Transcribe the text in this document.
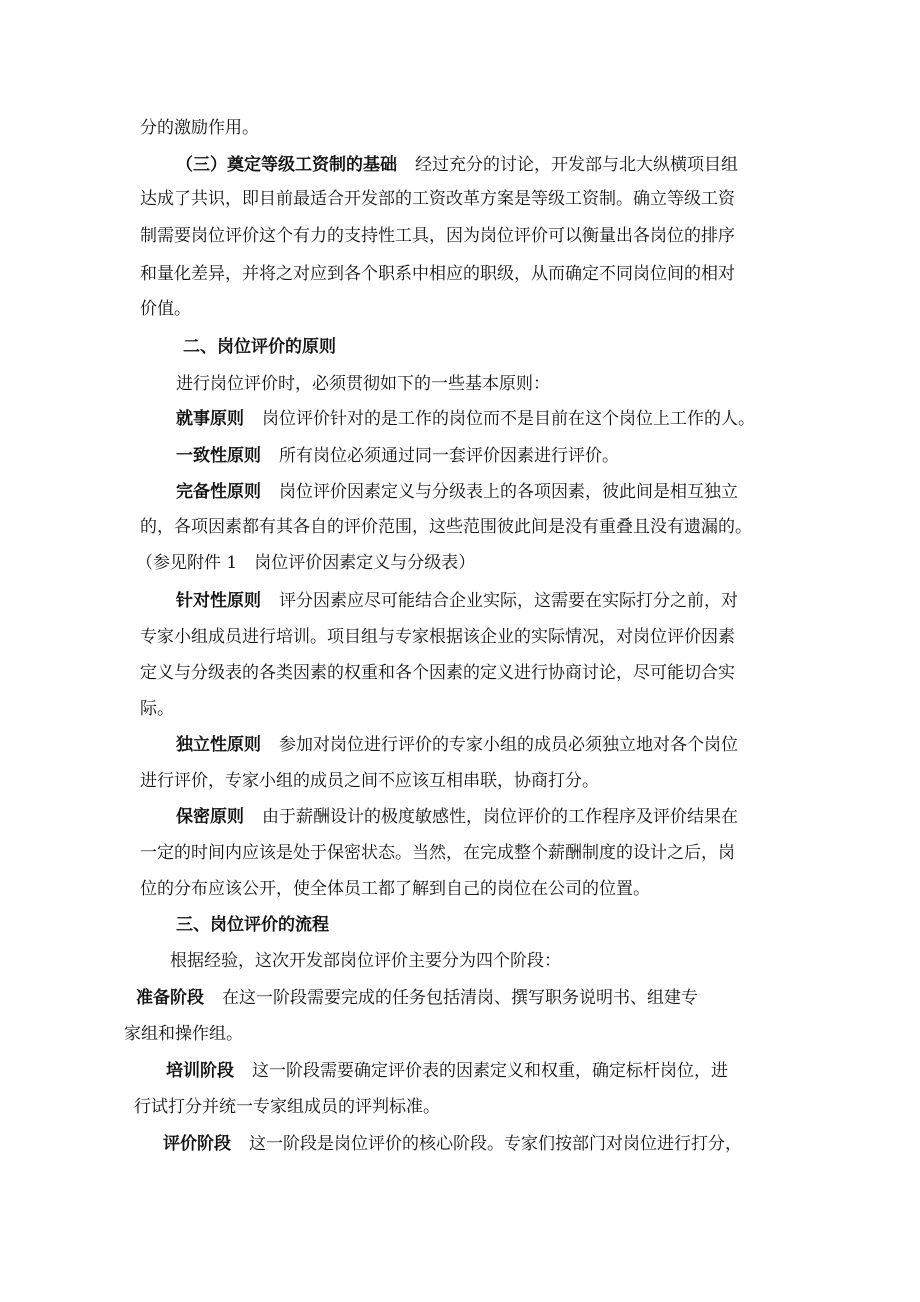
分的激励作用。
（三）奠定等级工资制的基础 经过充分的讨论，开发部与北大纵横项目组
达成了共识，即目前最适合开发部的工资改革方案是等级工资制。确立等级工资
制需要岗位评价这个有力的支持性工具，因为岗位评价可以衡量出各岗位的排序
和量化差异，并将之对应到各个职系中相应的职级，从而确定不同岗位间的相对
价值。
二、岗位评价的原则
进行岗位评价时，必须贯彻如下的一些基本原则：
就事原则 岗位评价针对的是工作的岗位而不是目前在这个岗位上工作的人。
一致性原则 所有岗位必须通过同一套评价因素进行评价。
完备性原则 岗位评价因素定义与分级表上的各项因素，彼此间是相互独立
的，各项因素都有其各自的评价范围，这些范围彼此间是没有重叠且没有遗漏的。
（参见附件 1　岗位评价因素定义与分级表）
针对性原则 评分因素应尽可能结合企业实际，这需要在实际打分之前，对
专家小组成员进行培训。项目组与专家根据该企业的实际情况，对岗位评价因素
定义与分级表的各类因素的权重和各个因素的定义进行协商讨论，尽可能切合实
际。
独立性原则 参加对岗位进行评价的专家小组的成员必须独立地对各个岗位
进行评价，专家小组的成员之间不应该互相串联，协商打分。
保密原则 由于薪酬设计的极度敏感性，岗位评价的工作程序及评价结果在
一定的时间内应该是处于保密状态。当然，在完成整个薪酬制度的设计之后，岗
位的分布应该公开，使全体员工都了解到自己的岗位在公司的位置。
三、岗位评价的流程
根据经验，这次开发部岗位评价主要分为四个阶段：
准备阶段 在这一阶段需要完成的任务包括清岗、撰写职务说明书、组建专
家组和操作组。
培训阶段 这一阶段需要确定评价表的因素定义和权重，确定标杆岗位，进
行试打分并统一专家组成员的评判标准。
评价阶段 这一阶段是岗位评价的核心阶段。专家们按部门对岗位进行打分，
